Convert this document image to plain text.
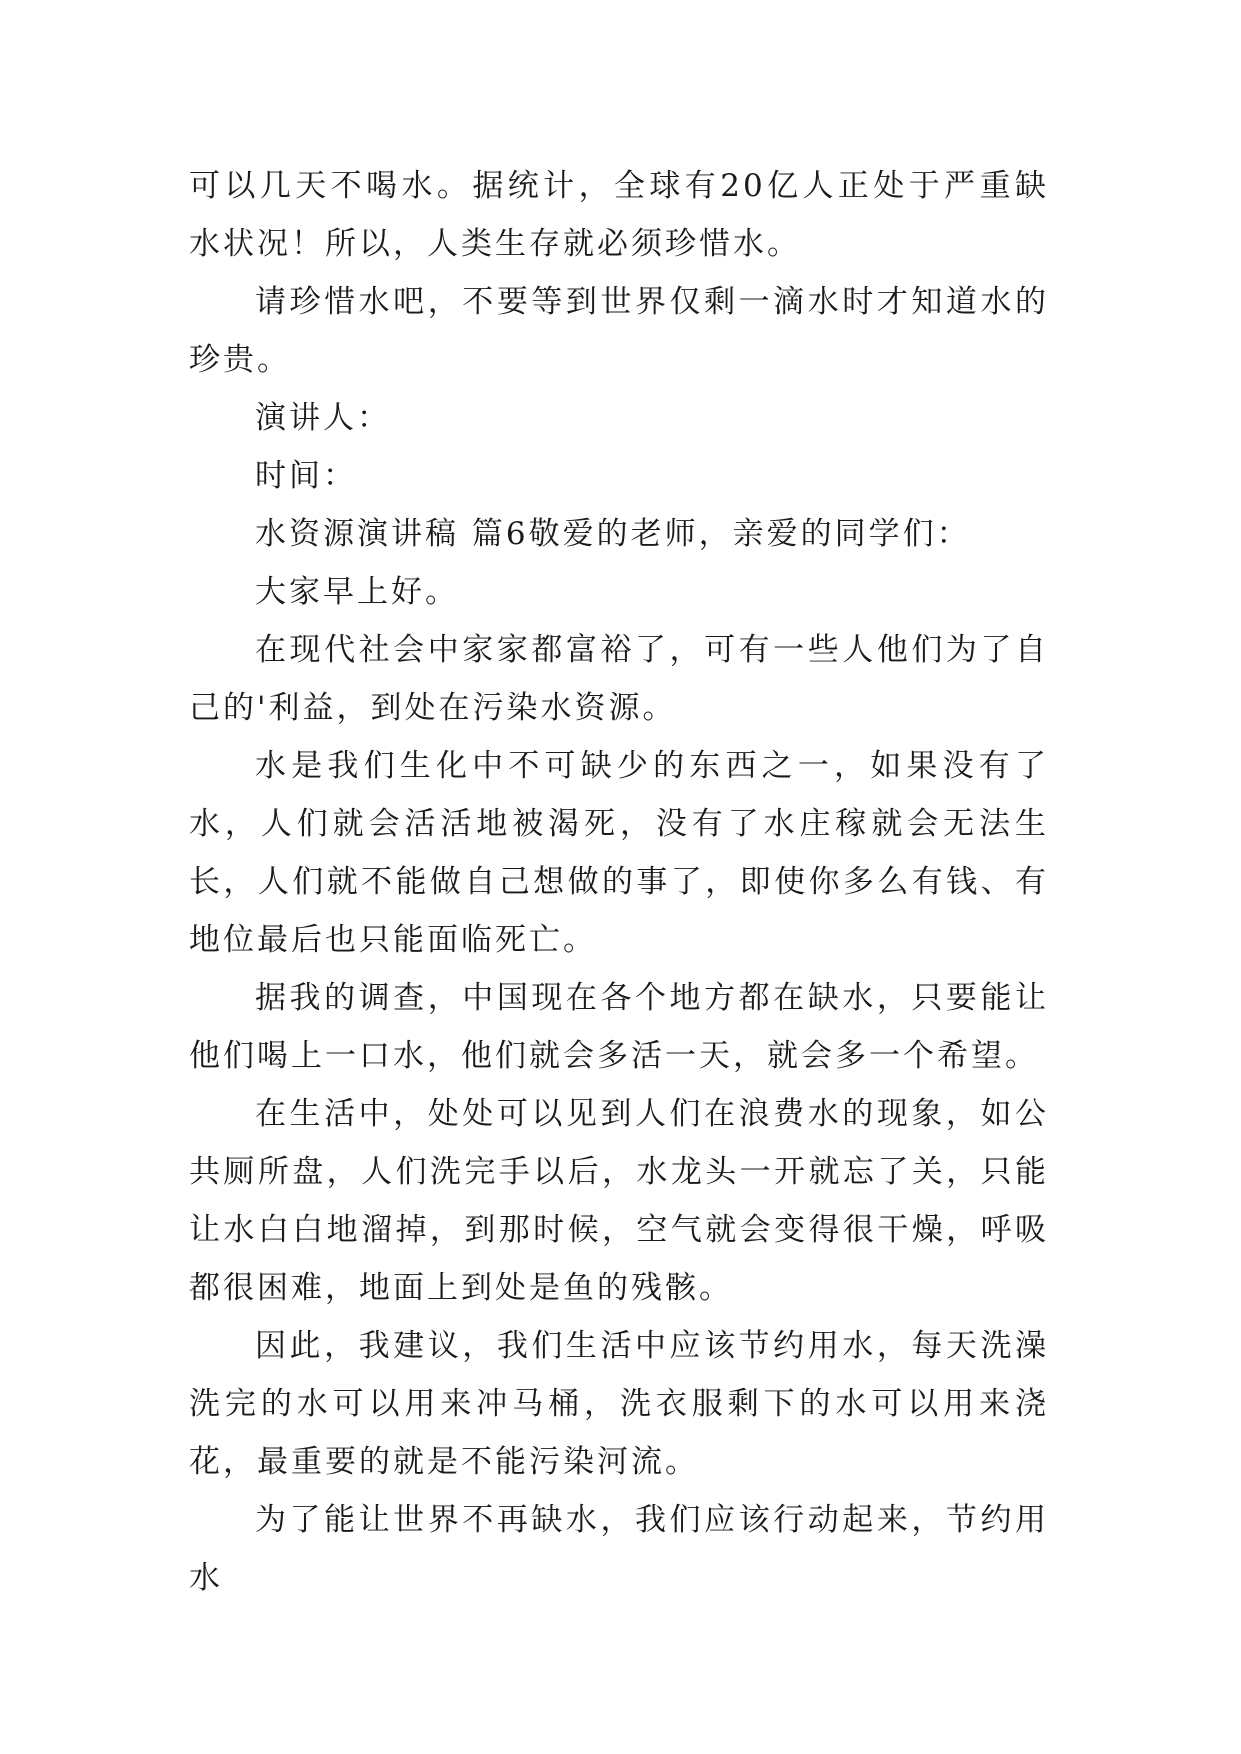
可以几天不喝水。据统计，全球有20亿人正处于严重缺水状况！所以，人类生存就必须珍惜水。

请珍惜水吧，不要等到世界仅剩一滴水时才知道水的珍贵。

演讲人：

时间：

水资源演讲稿 篇6敬爱的老师，亲爱的同学们：

大家早上好。

在现代社会中家家都富裕了，可有一些人他们为了自己的'利益，到处在污染水资源。

水是我们生化中不可缺少的东西之一，如果没有了水，人们就会活活地被渴死，没有了水庄稼就会无法生长，人们就不能做自己想做的事了，即使你多么有钱、有地位最后也只能面临死亡。

据我的调查，中国现在各个地方都在缺水，只要能让他们喝上一口水，他们就会多活一天，就会多一个希望。

在生活中，处处可以见到人们在浪费水的现象，如公共厕所盘，人们洗完手以后，水龙头一开就忘了关，只能让水白白地溜掉，到那时候，空气就会变得很干燥，呼吸都很困难，地面上到处是鱼的残骸。

因此，我建议，我们生活中应该节约用水，每天洗澡洗完的水可以用来冲马桶，洗衣服剩下的水可以用来浇花，最重要的就是不能污染河流。

为了能让世界不再缺水，我们应该行动起来，节约用水
